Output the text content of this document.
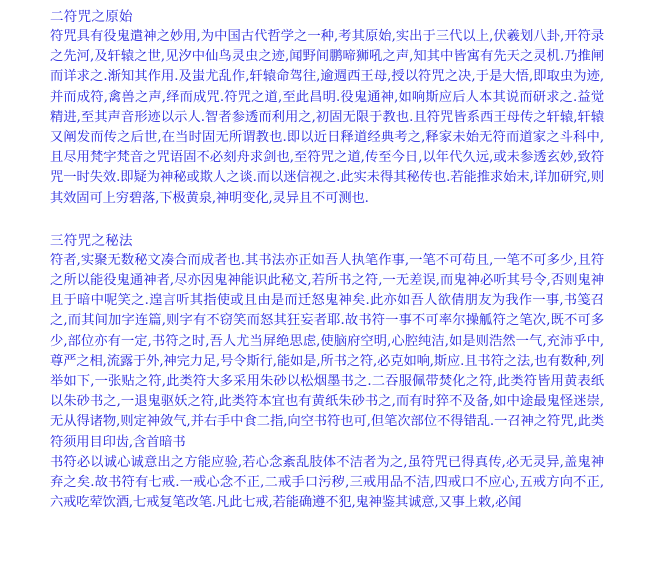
二符咒之原始

符咒具有役鬼遣神之妙用,为中国古代哲学之一种,考其原始,实出于三代以上,伏羲划八卦,开符录之先河,及轩辕之世,见汐中仙鸟灵虫之迹,闻野间鹏啼狮吼之声,知其中皆寓有先天之灵机.乃推闸而详求之.渐知其作用.及蚩尤乱作,轩辕命驾往,逾週西王母,授以符咒之决,于是大悟,即取虫为迹,并而成符,禽兽之声,绎而成咒.符咒之道,至此昌明.役鬼通神,如响斯应后人本其说而研求之.益觉精进,至其声音形迹以示人.智者参透而利用之,初固无限于教也.且符咒皆系西王母传之轩辕,轩辕又阐发而传之后世,在当时固无所谓教也.即以近日释道经典考之,释家未始无符而道家之斗科中,且尽用梵字梵音之咒语固不必刻舟求剑也,至符咒之道,传至今日,以年代久远,或未参透玄妙,致符咒一时失效.即疑为神秘或欺人之谈.而以迷信视之.此实未得其秘传也.若能推求始末,详加研究,则其效固可上穷碧落,下极黄泉,神明变化,灵异且不可测也.

三符咒之秘法

符者,实聚无数秘文凑合而成者也.其书法亦正如吾人执笔作事,一笔不可苟且,一笔不可多少,且符之所以能役鬼通神者,尽亦因鬼神能识此秘文,若所书之符,一无差误,而鬼神必听其号令,否则鬼神且于暗中呢笑之.遑言听其指使或且由是而迁怒鬼神矣.此亦如吾人欲倩朋友为我作一事,书笺召之,而其间加字连篇,则字有不窃笑而怒其狂妄者耶.故书符一事不可率尔操觚符之笔次,既不可多少,部位亦有一定,书符之时,吾人尤当屏绝思虑,使脑府空明,心腔纯洁,如是则浩然一气,充沛乎中,尊严之相,流露于外,神完力足,号令斯行,能如是,所书之符,必克如响,斯应.且书符之法,也有数种,列举如下,一张贴之符,此类符大多采用朱砂以松烟墨书之.二吞服佩带焚化之符,此类符皆用黄表纸以朱砂书之,一退鬼驱妖之符,此类符本宜也有黄纸朱砂书之,而有时猝不及备,如中途最鬼怪迷崇,无从得诸物,则定神敛气,并右手中食二指,向空书符也可,但笔次部位不得错乱.一召神之符咒,此类符须用目印齿,含首暗书

书符必以诚心诚意出之方能应验,若心念紊乱肢体不洁者为之,虽符咒已得真传,必无灵异,盖鬼神弃之矣.故书符有七戒.一戒心念不正,二戒手口污秽,三戒用品不洁,四戒口不应心,五戒方向不正,六戒吃荤饮酒,七戒复笔改笔.凡此七戒,若能确遵不犯,鬼神鉴其诚意,又事上敕,必闻
